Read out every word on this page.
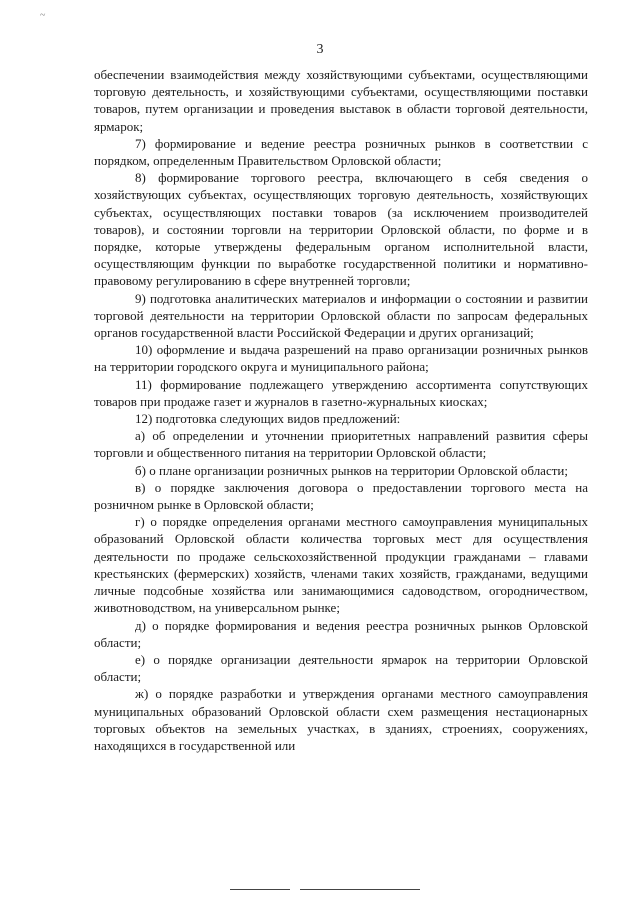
~
3

обеспечении взаимодействия между хозяйствующими субъектами, осуществляющими торговую деятельность, и хозяйствующими субъектами, осуществляющими поставки товаров, путем организации и проведения выставок в области торговой деятельности, ярмарок;

7) формирование и ведение реестра розничных рынков в соответствии с порядком, определенным Правительством Орловской области;

8) формирование торгового реестра, включающего в себя сведения о хозяйствующих субъектах, осуществляющих торговую деятельность, хозяйствующих субъектах, осуществляющих поставки товаров (за исключением производителей товаров), и состоянии торговли на территории Орловской области, по форме и в порядке, которые утверждены федеральным органом исполнительной власти, осуществляющим функции по выработке государственной политики и нормативно-правовому регулированию в сфере внутренней торговли;

9) подготовка аналитических материалов и информации о состоянии и развитии торговой деятельности на территории Орловской области по запросам федеральных органов государственной власти Российской Федерации и других организаций;

10) оформление и выдача разрешений на право организации розничных рынков на территории городского округа и муниципального района;

11) формирование подлежащего утверждению ассортимента сопутствующих товаров при продаже газет и журналов в газетно-журнальных киосках;

12) подготовка следующих видов предложений:

а) об определении и уточнении приоритетных направлений развития сферы торговли и общественного питания на территории Орловской области;

б) о плане организации розничных рынков на территории Орловской области;

в) о порядке заключения договора о предоставлении торгового места на розничном рынке в Орловской области;

г) о порядке определения органами местного самоуправления муниципальных образований Орловской области количества торговых мест для осуществления деятельности по продаже сельскохозяйственной продукции гражданами – главами крестьянских (фермерских) хозяйств, членами таких хозяйств, гражданами, ведущими личные подсобные хозяйства или занимающимися садоводством, огородничеством, животноводством, на универсальном рынке;

д) о порядке формирования и ведения реестра розничных рынков Орловской области;

е) о порядке организации деятельности ярмарок на территории Орловской области;

ж) о порядке разработки и утверждения органами местного самоуправления муниципальных образований Орловской области схем размещения нестационарных торговых объектов на земельных участках, в зданиях, строениях, сооружениях, находящихся в государственной или
